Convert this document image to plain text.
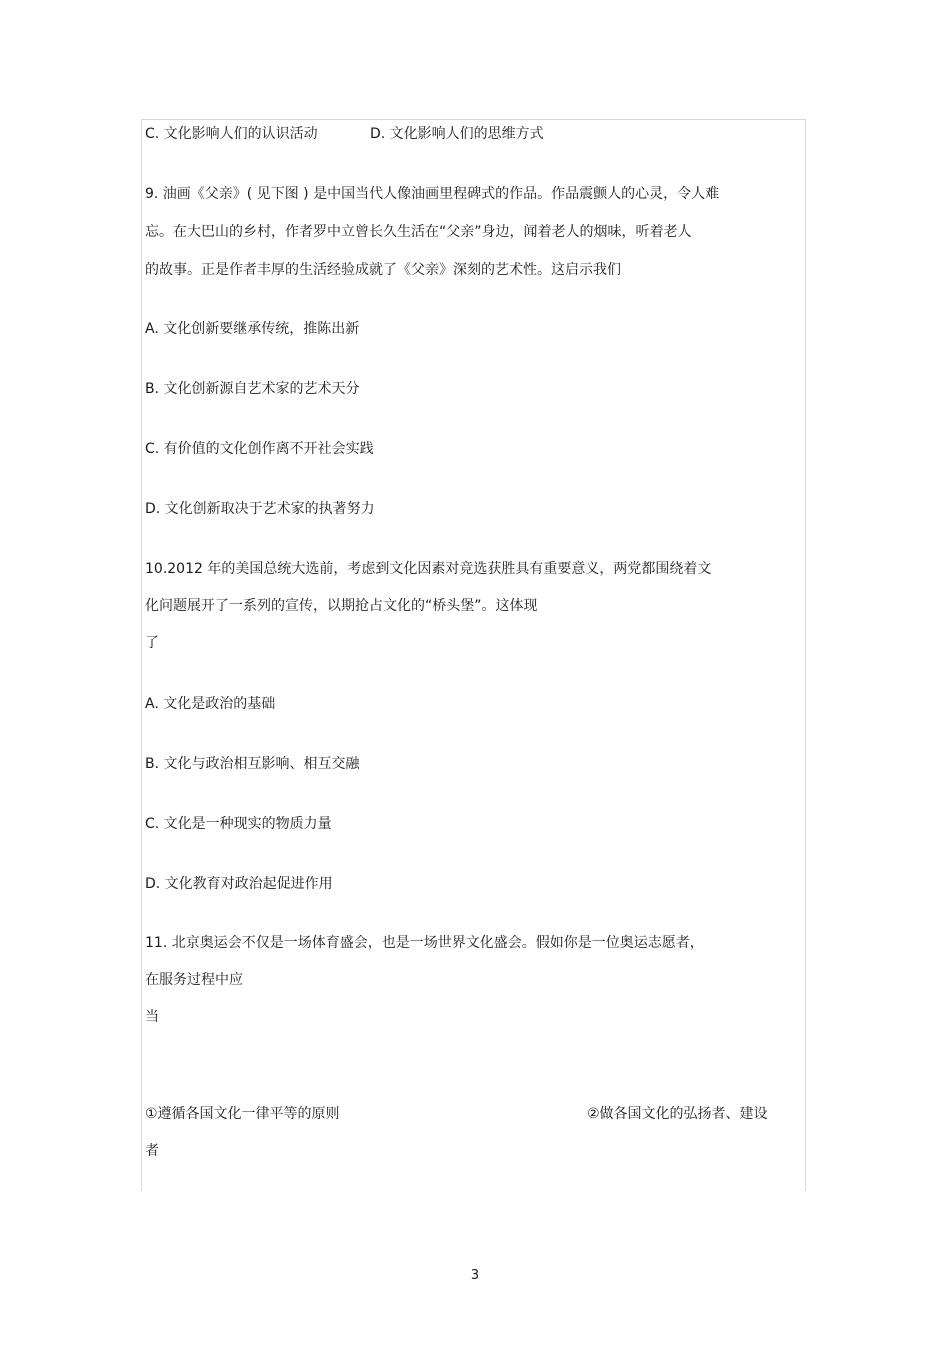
C. 文化影响人们的认识活动	D. 文化影响人们的思维方式
9. 油画《父亲》( 见下图 ) 是中国当代人像油画里程碑式的作品。作品震颤人的心灵，令人难
忘。在大巴山的乡村，作者罗中立曾长久生活在“父亲”身边，闻着老人的烟味，听着老人
的故事。正是作者丰厚的生活经验成就了《父亲》深刻的艺术性。这启示我们
A. 文化创新要继承传统，推陈出新
B. 文化创新源自艺术家的艺术天分
C. 有价值的文化创作离不开社会实践
D. 文化创新取决于艺术家的执著努力
10.2012 年的美国总统大选前，考虑到文化因素对竞选获胜具有重要意义，两党都围绕着文
化问题展开了一系列的宣传，以期抢占文化的“桥头堡”。这体现
了
A. 文化是政治的基础
B. 文化与政治相互影响、相互交融
C. 文化是一种现实的物质力量
D. 文化教育对政治起促进作用
11. 北京奥运会不仅是一场体育盛会，也是一场世界文化盛会。假如你是一位奥运志愿者，
在服务过程中应
当
①遵循各国文化一律平等的原则	②做各国文化的弘扬者、建设
者
3
